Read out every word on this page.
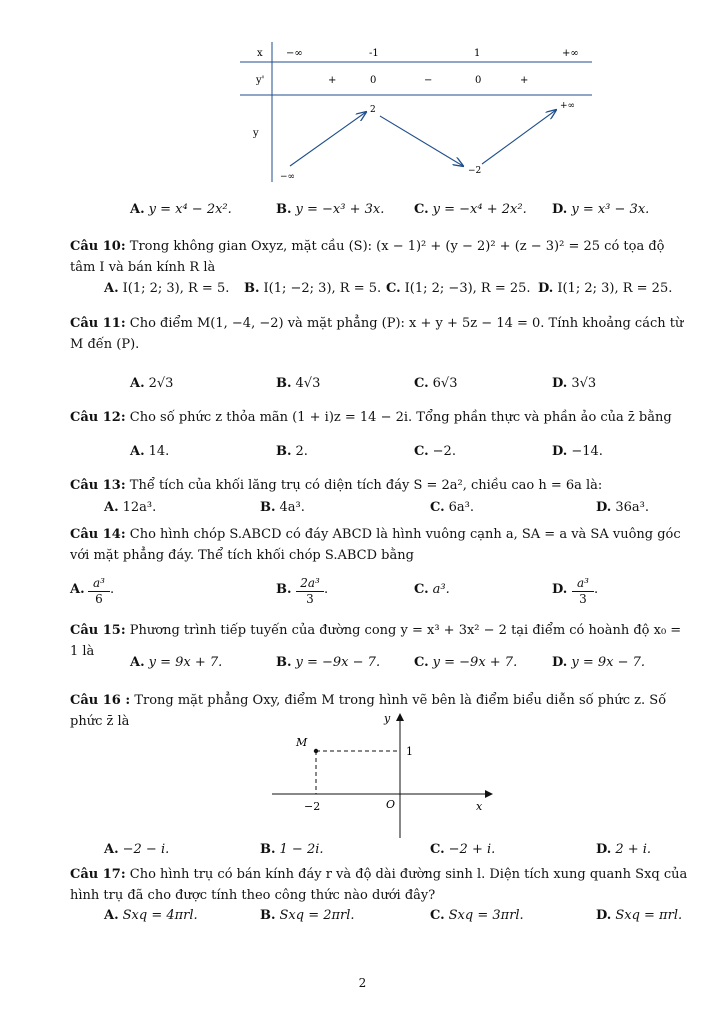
x −∞	-1	1	+∞
y'	+	0	−	0	+
y
−∞
2
−2
+∞
A. y = x⁴ − 2x².	B. y = −x³ + 3x. C. y = −x⁴ + 2x². D. y = x³ − 3x.
Câu 10: Trong không gian Oxyz, mặt cầu (S): (x − 1)² + (y − 2)² + (z − 3)² = 25 có tọa độ tâm I và bán kính R là
A. I(1; 2; 3), R = 5. B. I(1; −2; 3), R = 5. C. I(1; 2; −3), R = 25. D. I(1; 2; 3), R = 25.
Câu 11: Cho điểm M(1, −4, −2) và mặt phẳng (P): x + y + 5z − 14 = 0. Tính khoảng cách từ M đến (P).
A. 2√3	B. 4√3	C. 6√3	D. 3√3
Câu 12: Cho số phức z thỏa mãn (1 + i)z = 14 − 2i. Tổng phần thực và phần ảo của z̄ bằng
A. 14.	B. 2.	C. −2.	D. −14.
Câu 13: Thể tích của khối lăng trụ có diện tích đáy S = 2a², chiều cao h = 6a là:
A. 12a³.	B. 4a³.	C. 6a³.	D. 36a³.
Câu 14: Cho hình chóp S.ABCD có đáy ABCD là hình vuông cạnh a, SA = a và SA vuông góc với mặt phẳng đáy. Thể tích khối chóp S.ABCD bằng
A. a³
6
.	B. 2a³
3
.	C. a³.	D. a³
3
.
Câu 15: Phương trình tiếp tuyến của đường cong y = x³ + 3x² − 2 tại điểm có hoành độ x₀ = 1 là
A. y = 9x + 7.	B. y = −9x − 7.	C. y = −9x + 7.	D. y = 9x − 7.
Câu 16 : Trong mặt phẳng Oxy, điểm M trong hình vẽ bên là điểm biểu diễn số phức z. Số phức z̄ là
M
−2
1
O	x
y
A. −2 − i.	B. 1 − 2i.	C. −2 + i.	D. 2 + i.
Câu 17: Cho hình trụ có bán kính đáy r và độ dài đường sinh l. Diện tích xung quanh Sxq của hình trụ đã cho được tính theo công thức nào dưới đây?
A. Sxq = 4πrl.	B. Sxq = 2πrl.	C. Sxq = 3πrl.	D. Sxq = πrl.
2
